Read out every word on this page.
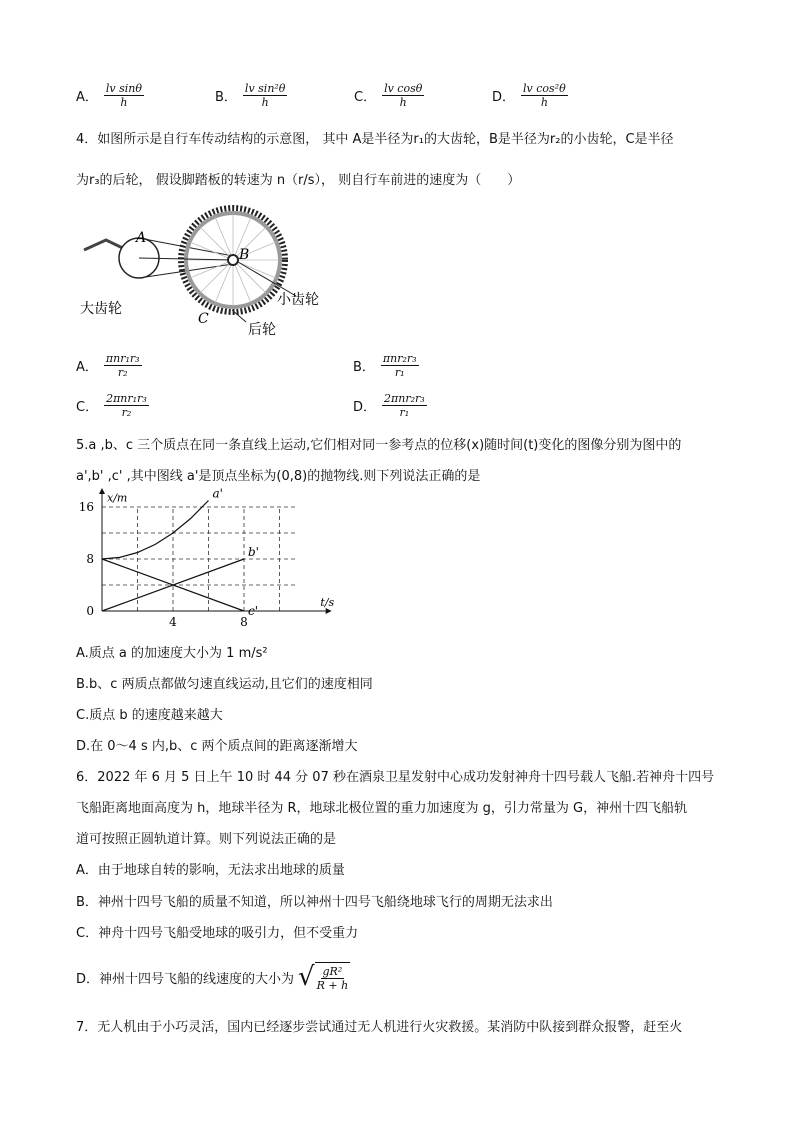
A． $\frac{\text{lv sinθ}}{h}$	B． $\frac{\text{lv sin²θ}}{h}$	C． $\frac{\text{lv cosθ}}{h}$	D． $\frac{\text{lv cos²θ}}{h}$
4．如图所示是自行车传动结构的示意图， 其中 A是半径为r₁的大齿轮，B是半径为r₂的小齿轮，C是半径
为r₃的后轮， 假设脚踏板的转速为 n（r/s）， 则自行车前进的速度为（　　）
A
B
C
大齿轮
小齿轮
后轮
A． $\frac{\text{πnr₁r₃}}{\text{r₂}}$	B． $\frac{\text{πnr₂r₃}}{\text{r₁}}$
C． $\frac{\text{2πnr₁r₃}}{\text{r₂}}$	D． $\frac{\text{2πnr₂r₃}}{\text{r₁}}$
5.a ,b、c 三个质点在同一条直线上运动,它们相对同一参考点的位移(x)随时间(t)变化的图像分别为图中的
a',b' ,c' ,其中图线 a'是顶点坐标为(0,8)的抛物线.则下列说法正确的是
0
8
16
4	8
t/s
x/m	a'
b'
c'
A.质点 a 的加速度大小为 1 m/s²
B.b、c 两质点都做匀速直线运动,且它们的速度相同
C.质点 b 的速度越来越大
D.在 0～4 s 内,b、c 两个质点间的距离逐渐增大
6．2022 年 6 月 5 日上午 10 时 44 分 07 秒在酒泉卫星发射中心成功发射神舟十四号载人飞船.若神舟十四号
飞船距离地面高度为 h，地球半径为 R，地球北极位置的重力加速度为 g，引力常量为 G，神州十四飞船轨
道可按照正圆轨道计算。则下列说法正确的是
A．由于地球自转的影响，无法求出地球的质量
B．神州十四号飞船的质量不知道，所以神州十四号飞船绕地球飞行的周期无法求出
C．神舟十四号飞船受地球的吸引力，但不受重力
D．神州十四号飞船的线速度的大小为 √ $\frac{\text{gR²}}{R + h}$
7．无人机由于小巧灵活，国内已经逐步尝试通过无人机进行火灾救援。某消防中队接到群众报警，赶至火
